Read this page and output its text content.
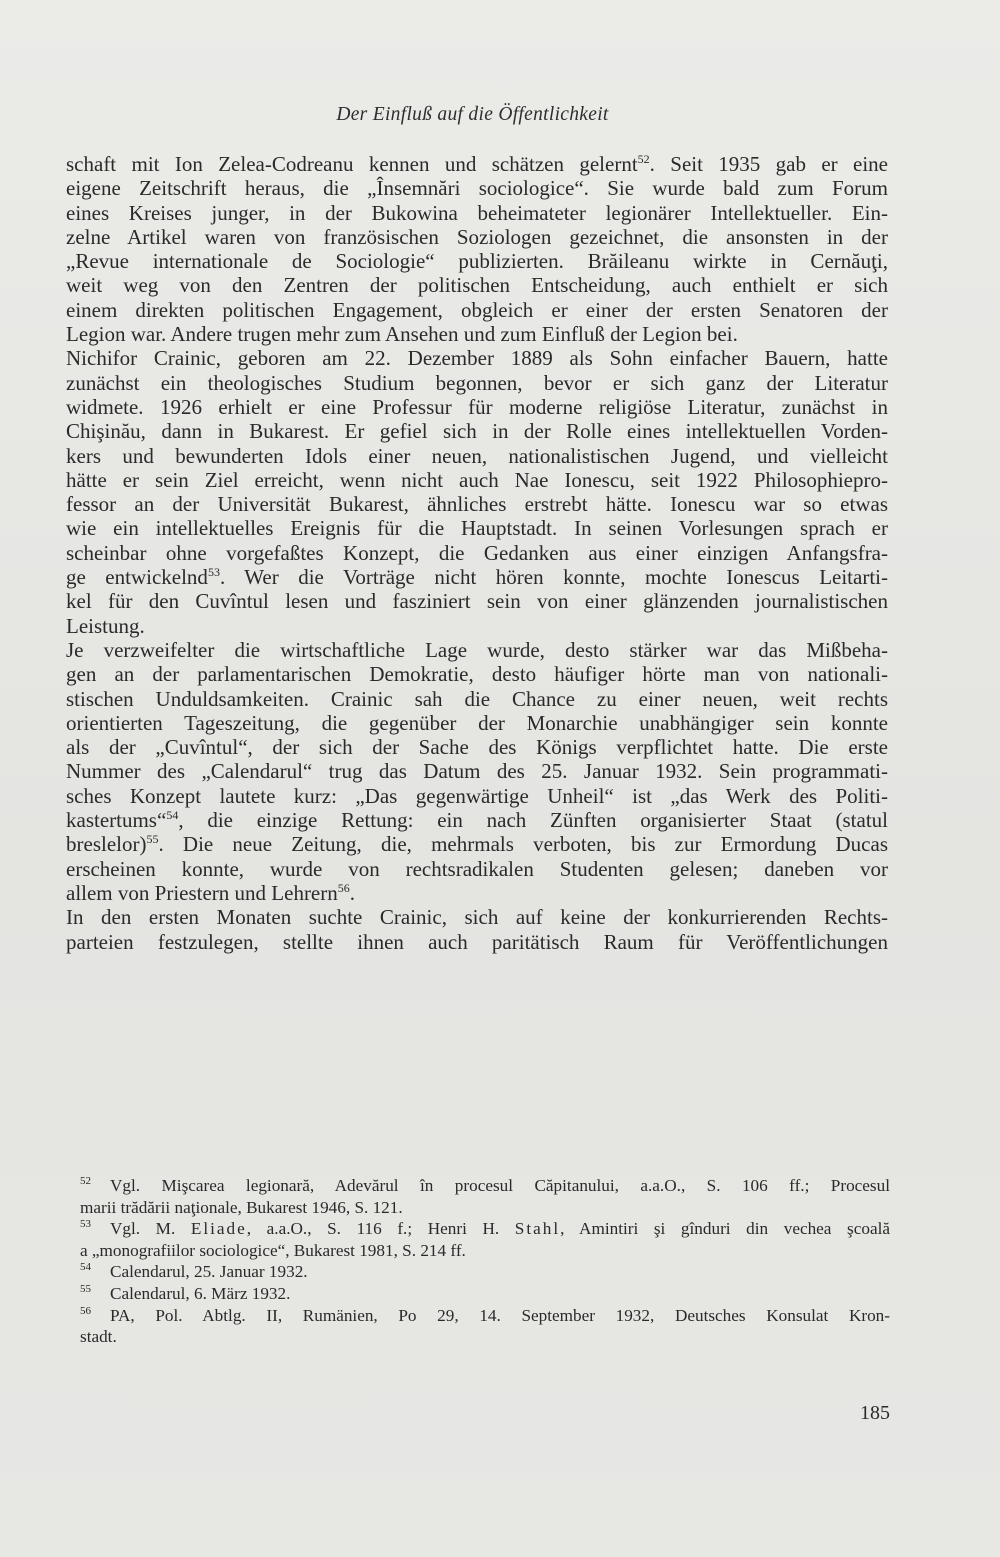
Der Einfluß auf die Öffentlichkeit
schaft mit Ion Zelea-Codreanu kennen und schätzen gelernt$^{52}$. Seit 1935 gab er eine
eigene Zeitschrift heraus, die „Însemnări sociologice“. Sie wurde bald zum Forum
eines Kreises junger, in der Bukowina beheimateter legionärer Intellektueller. Ein-
zelne Artikel waren von französischen Soziologen gezeichnet, die ansonsten in der
„Revue internationale de Sociologie“ publizierten. Brăileanu wirkte in Cernăuţi,
weit weg von den Zentren der politischen Entscheidung, auch enthielt er sich
einem direkten politischen Engagement, obgleich er einer der ersten Senatoren der
Legion war. Andere trugen mehr zum Ansehen und zum Einfluß der Legion bei.
Nichifor Crainic, geboren am 22. Dezember 1889 als Sohn einfacher Bauern, hatte
zunächst ein theologisches Studium begonnen, bevor er sich ganz der Literatur
widmete. 1926 erhielt er eine Professur für moderne religiöse Literatur, zunächst in
Chişinău, dann in Bukarest. Er gefiel sich in der Rolle eines intellektuellen Vorden-
kers und bewunderten Idols einer neuen, nationalistischen Jugend, und vielleicht
hätte er sein Ziel erreicht, wenn nicht auch Nae Ionescu, seit 1922 Philosophiepro-
fessor an der Universität Bukarest, ähnliches erstrebt hätte. Ionescu war so etwas
wie ein intellektuelles Ereignis für die Hauptstadt. In seinen Vorlesungen sprach er
scheinbar ohne vorgefaßtes Konzept, die Gedanken aus einer einzigen Anfangsfra-
ge entwickelnd$^{53}$. Wer die Vorträge nicht hören konnte, mochte Ionescus Leitarti-
kel für den Cuvîntul lesen und fasziniert sein von einer glänzenden journalistischen
Leistung.
Je verzweifelter die wirtschaftliche Lage wurde, desto stärker war das Mißbeha-
gen an der parlamentarischen Demokratie, desto häufiger hörte man von nationali-
stischen Unduldsamkeiten. Crainic sah die Chance zu einer neuen, weit rechts
orientierten Tageszeitung, die gegenüber der Monarchie unabhängiger sein konnte
als der „Cuvîntul“, der sich der Sache des Königs verpflichtet hatte. Die erste
Nummer des „Calendarul“ trug das Datum des 25. Januar 1932. Sein programmati-
sches Konzept lautete kurz: „Das gegenwärtige Unheil“ ist „das Werk des Politi-
kastertums“$^{54}$, die einzige Rettung: ein nach Zünften organisierter Staat (statul
breslelor)$^{55}$. Die neue Zeitung, die, mehrmals verboten, bis zur Ermordung Ducas
erscheinen konnte, wurde von rechtsradikalen Studenten gelesen; daneben vor
allem von Priestern und Lehrern$^{56}$.
In den ersten Monaten suchte Crainic, sich auf keine der konkurrierenden Rechts-
parteien festzulegen, stellte ihnen auch paritätisch Raum für Veröffentlichungen
52 Vgl. Mişcarea legionară, Adevărul în procesul Căpitanului, a.a.O., S. 106 ff.; Procesul
marii trădării naţionale, Bukarest 1946, S. 121.
53 Vgl. M. Eliade, a.a.O., S. 116 f.; Henri H. Stahl, Amintiri şi gînduri din vechea şcoală
a „monografiilor sociologice“, Bukarest 1981, S. 214 ff.
54 Calendarul, 25. Januar 1932.
55 Calendarul, 6. März 1932.
56 PA, Pol. Abtlg. II, Rumänien, Po 29, 14. September 1932, Deutsches Konsulat Kron-
stadt.
185
